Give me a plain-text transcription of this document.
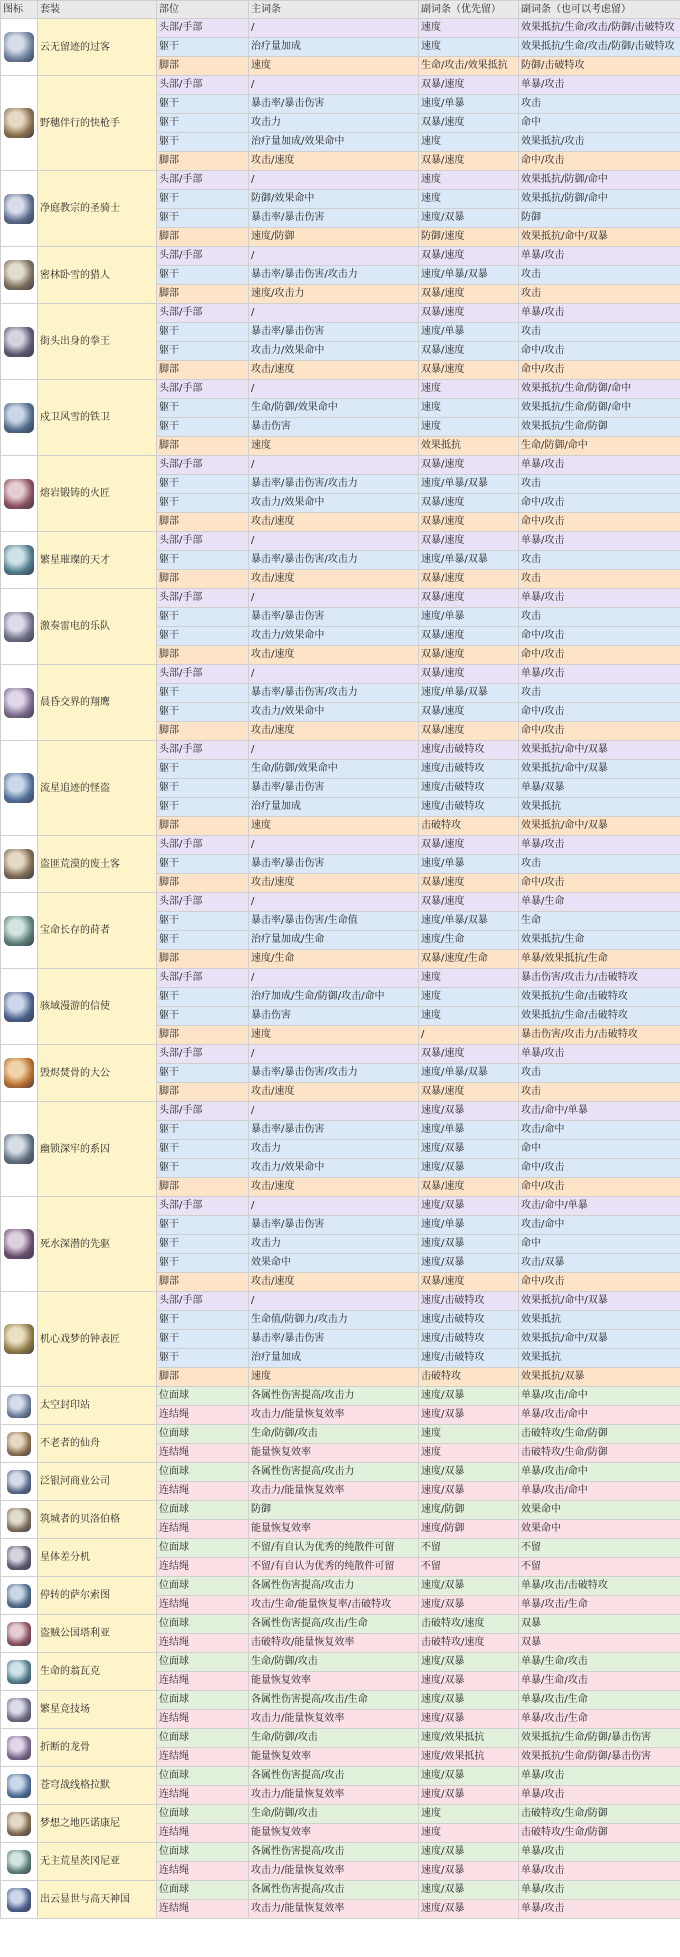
图标	套装	部位	主词条	副词条（优先留）	副词条（也可以考虑留）
	云无留迹的过客	头部/手部	/	速度	效果抵抗/生命/攻击/防御/击破特攻
		躯干	治疗量加成	速度	效果抵抗/生命/攻击/防御/击破特攻
		脚部	速度	生命/攻击/效果抵抗	防御/击破特攻
	野穗伴行的快枪手	头部/手部	/	双暴/速度	单暴/攻击
		躯干	暴击率/暴击伤害	速度/单暴	攻击
		躯干	攻击力	双暴/速度	命中
		躯干	治疗量加成/效果命中	速度	效果抵抗/攻击
		脚部	攻击/速度	双暴/速度	命中/攻击
	净庭教宗的圣骑士	头部/手部	/	速度	效果抵抗/防御/命中
		躯干	防御/效果命中	速度	效果抵抗/防御/命中
		躯干	暴击率/暴击伤害	速度/双暴	防御
		脚部	速度/防御	防御/速度	效果抵抗/命中/双暴
	密林卧雪的猎人	头部/手部	/	双暴/速度	单暴/攻击
		躯干	暴击率/暴击伤害/攻击力	速度/单暴/双暴	攻击
		脚部	速度/攻击力	双暴/速度	攻击
	街头出身的拳王	头部/手部	/	双暴/速度	单暴/攻击
		躯干	暴击率/暴击伤害	速度/单暴	攻击
		躯干	攻击力/效果命中	双暴/速度	命中/攻击
		脚部	攻击/速度	双暴/速度	命中/攻击
	戍卫风雪的铁卫	头部/手部	/	速度	效果抵抗/生命/防御/命中
		躯干	生命/防御/效果命中	速度	效果抵抗/生命/防御/命中
		躯干	暴击伤害	速度	效果抵抗/生命/防御
		脚部	速度	效果抵抗	生命/防御/命中
	熔岩锻铸的火匠	头部/手部	/	双暴/速度	单暴/攻击
		躯干	暴击率/暴击伤害/攻击力	速度/单暴/双暴	攻击
		躯干	攻击力/效果命中	双暴/速度	命中/攻击
		脚部	攻击/速度	双暴/速度	命中/攻击
	繁星璀璨的天才	头部/手部	/	双暴/速度	单暴/攻击
		躯干	暴击率/暴击伤害/攻击力	速度/单暴/双暴	攻击
		脚部	攻击/速度	双暴/速度	攻击
	激奏雷电的乐队	头部/手部	/	双暴/速度	单暴/攻击
		躯干	暴击率/暴击伤害	速度/单暴	攻击
		躯干	攻击力/效果命中	双暴/速度	命中/攻击
		脚部	攻击/速度	双暴/速度	命中/攻击
	晨昏交界的翔鹰	头部/手部	/	双暴/速度	单暴/攻击
		躯干	暴击率/暴击伤害/攻击力	速度/单暴/双暴	攻击
		躯干	攻击力/效果命中	双暴/速度	命中/攻击
		脚部	攻击/速度	双暴/速度	命中/攻击
	流星追迹的怪盗	头部/手部	/	速度/击破特攻	效果抵抗/命中/双暴
		躯干	生命/防御/效果命中	速度/击破特攻	效果抵抗/命中/双暴
		躯干	暴击率/暴击伤害	速度/击破特攻	单暴/双暴
		躯干	治疗量加成	速度/击破特攻	效果抵抗
		脚部	速度	击破特攻	效果抵抗/命中/双暴
	盗匪荒漠的废土客	头部/手部	/	双暴/速度	单暴/攻击
		躯干	暴击率/暴击伤害	速度/单暴	攻击
		脚部	攻击/速度	双暴/速度	命中/攻击
	宝命长存的莳者	头部/手部	/	双暴/速度	单暴/生命
		躯干	暴击率/暴击伤害/生命值	速度/单暴/双暴	生命
		躯干	治疗量加成/生命	速度/生命	效果抵抗/生命
		脚部	速度/生命	双暴/速度/生命	单暴/效果抵抗/生命
	骇域漫游的信使	头部/手部	/	速度	暴击伤害/攻击力/击破特攻
		躯干	治疗加成/生命/防御/攻击/命中	速度	效果抵抗/生命/击破特攻
		躯干	暴击伤害	速度	效果抵抗/生命/击破特攻
		脚部	速度	/	暴击伤害/攻击力/击破特攻
	毁烬焚骨的大公	头部/手部	/	双暴/速度	单暴/攻击
		躯干	暴击率/暴击伤害/攻击力	速度/单暴/双暴	攻击
		脚部	攻击/速度	双暴/速度	攻击
	幽锁深牢的系囚	头部/手部	/	速度/双暴	攻击/命中/单暴
		躯干	暴击率/暴击伤害	速度/单暴	攻击/命中
		躯干	攻击力	速度/双暴	命中
		躯干	攻击力/效果命中	速度/双暴	命中/攻击
		脚部	攻击/速度	双暴/速度	命中/攻击
	死水深潜的先驱	头部/手部	/	速度/双暴	攻击/命中/单暴
		躯干	暴击率/暴击伤害	速度/单暴	攻击/命中
		躯干	攻击力	速度/双暴	命中
		躯干	效果命中	速度/双暴	攻击/双暴
		脚部	攻击/速度	双暴/速度	命中/攻击
	机心戏梦的钟表匠	头部/手部	/	速度/击破特攻	效果抵抗/命中/双暴
		躯干	生命值/防御力/攻击力	速度/击破特攻	效果抵抗
		躯干	暴击率/暴击伤害	速度/击破特攻	效果抵抗/命中/双暴
		躯干	治疗量加成	速度/击破特攻	效果抵抗
		脚部	速度	击破特攻	效果抵抗/双暴
	太空封印站	位面球	各属性伤害提高/攻击力	速度/双暴	单暴/攻击/命中
		连结绳	攻击力/能量恢复效率	速度/双暴	单暴/攻击/命中
	不老者的仙舟	位面球	生命/防御/攻击	速度	击破特攻/生命/防御
		连结绳	能量恢复效率	速度	击破特攻/生命/防御
	泛银河商业公司	位面球	各属性伤害提高/攻击力	速度/双暴	单暴/攻击/命中
		连结绳	攻击力/能量恢复效率	速度/双暴	单暴/攻击/命中
	筑城者的贝洛伯格	位面球	防御	速度/防御	效果命中
		连结绳	能量恢复效率	速度/防御	效果命中
	星体差分机	位面球	不留/有自认为优秀的纯散件可留	不留	不留
		连结绳	不留/有自认为优秀的纯散件可留	不留	不留
	停转的萨尔索图	位面球	各属性伤害提高/攻击力	速度/双暴	单暴/攻击/击破特攻
		连结绳	攻击/生命/能量恢复率/击破特攻	速度/双暴	单暴/攻击/生命
	盗贼公国塔利亚	位面球	各属性伤害提高/攻击/生命	击破特攻/速度	双暴
		连结绳	击破特攻/能量恢复效率	击破特攻/速度	双暴
	生命的翁瓦克	位面球	生命/防御/攻击	速度/双暴	单暴/生命/攻击
		连结绳	能量恢复效率	速度/双暴	单暴/生命/攻击
	繁星竞技场	位面球	各属性伤害提高/攻击/生命	速度/双暴	单暴/攻击/生命
		连结绳	攻击力/能量恢复效率	速度/双暴	单暴/攻击/生命
	折断的龙骨	位面球	生命/防御/攻击	速度/效果抵抗	效果抵抗/生命/防御/暴击伤害
		连结绳	能量恢复效率	速度/效果抵抗	效果抵抗/生命/防御/暴击伤害
	苍穹战线格拉默	位面球	各属性伤害提高/攻击	速度/双暴	单暴/攻击
		连结绳	攻击力/能量恢复效率	速度/双暴	单暴/攻击
	梦想之地匹诺康尼	位面球	生命/防御/攻击	速度	击破特攻/生命/防御
		连结绳	能量恢复效率	速度	击破特攻/生命/防御
	无主荒星茨冈尼亚	位面球	各属性伤害提高/攻击	速度/双暴	单暴/攻击
		连结绳	攻击力/能量恢复效率	速度/双暴	单暴/攻击
	出云显世与高天神国	位面球	各属性伤害提高/攻击	速度/双暴	单暴/攻击
		连结绳	攻击力/能量恢复效率	速度/双暴	单暴/攻击
